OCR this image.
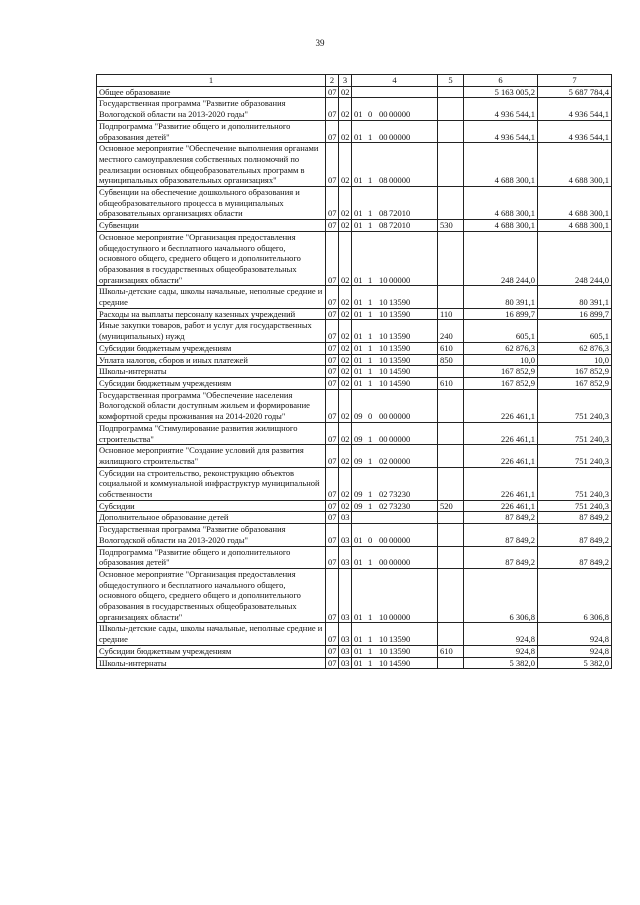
39
1	2	3	4	5	6	7
Общее образование	07	02			5 163 005,2	5 687 784,4
Государственная программа "Развитие образования Вологодской области на 2013-2020 годы"	07	02	01 0 00 00000		4 936 544,1	4 936 544,1
Подпрограмма "Развитие общего и дополнительного образования детей"	07	02	01 1 00 00000		4 936 544,1	4 936 544,1
Основное мероприятие "Обеспечение выполнения органами местного самоуправления собственных полномочий по реализации основных общеобразовательных программ в муниципальных образовательных организациях"	07	02	01 1 08 00000		4 688 300,1	4 688 300,1
Субвенции на обеспечение дошкольного образования и общеобразовательного процесса в муниципальных образовательных организациях области	07	02	01 1 08 72010		4 688 300,1	4 688 300,1
Субвенции	07	02	01 1 08 72010	530	4 688 300,1	4 688 300,1
Основное мероприятие "Организация предоставления общедоступного и бесплатного начального общего, основного общего, среднего общего и дополнительного образования в государственных общеобразовательных организациях области"	07	02	01 1 10 00000		248 244,0	248 244,0
Школы-детские сады, школы начальные, неполные средние и средние	07	02	01 1 10 13590		80 391,1	80 391,1
Расходы на выплаты персоналу казенных учреждений	07	02	01 1 10 13590	110	16 899,7	16 899,7
Иные закупки товаров, работ и услуг для государственных (муниципальных) нужд	07	02	01 1 10 13590	240	605,1	605,1
Субсидии бюджетным учреждениям	07	02	01 1 10 13590	610	62 876,3	62 876,3
Уплата налогов, сборов и иных платежей	07	02	01 1 10 13590	850	10,0	10,0
Школы-интернаты	07	02	01 1 10 14590		167 852,9	167 852,9
Субсидии бюджетным учреждениям	07	02	01 1 10 14590	610	167 852,9	167 852,9
Государственная программа "Обеспечение населения Вологодской области доступным жильем и формирование комфортной среды проживания на 2014-2020 годы"	07	02	09 0 00 00000		226 461,1	751 240,3
Подпрограмма "Стимулирование развития жилищного строительства"	07	02	09 1 00 00000		226 461,1	751 240,3
Основное мероприятие "Создание условий для развития жилищного строительства"	07	02	09 1 02 00000		226 461,1	751 240,3
Субсидии на строительство, реконструкцию объектов социальной и коммунальной инфраструктур муниципальной собственности	07	02	09 1 02 73230		226 461,1	751 240,3
Субсидии	07	02	09 1 02 73230	520	226 461,1	751 240,3
Дополнительное образование детей	07	03			87 849,2	87 849,2
Государственная программа "Развитие образования Вологодской области на 2013-2020 годы"	07	03	01 0 00 00000		87 849,2	87 849,2
Подпрограмма "Развитие общего и дополнительного образования детей"	07	03	01 1 00 00000		87 849,2	87 849,2
Основное мероприятие "Организация предоставления общедоступного и бесплатного начального общего, основного общего, среднего общего и дополнительного образования в государственных общеобразовательных организациях области"	07	03	01 1 10 00000		6 306,8	6 306,8
Школы-детские сады, школы начальные, неполные средние и средние	07	03	01 1 10 13590		924,8	924,8
Субсидии бюджетным учреждениям	07	03	01 1 10 13590	610	924,8	924,8
Школы-интернаты	07	03	01 1 10 14590		5 382,0	5 382,0
